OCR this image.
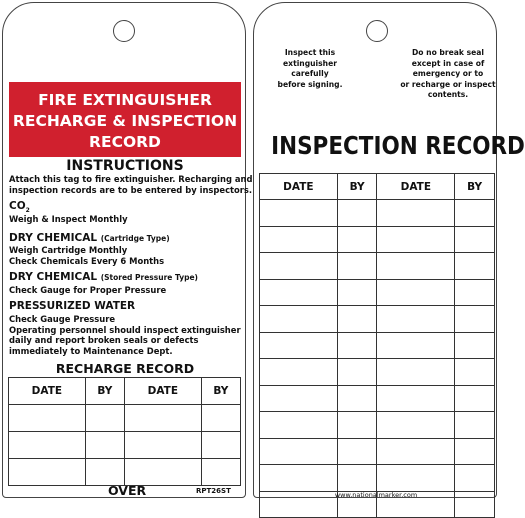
FIRE EXTINGUISHER
RECHARGE & INSPECTION
RECORD
INSTRUCTIONS
Attach this tag to fire extinguisher. Recharging and
inspection records are to be entered by inspectors.
$CO_2$
Weigh & Inspect Monthly
DRY CHEMICAL (Cartridge Type)
Weigh Cartridge Monthly
Check Chemicals Every 6 Months
DRY CHEMICAL (Stored Pressure Type)
Check Gauge for Proper Pressure
PRESSURIZED WATER
Check Gauge Pressure
Operating personnel should inspect extinguisher
daily and report broken seals or defects
immediately to Maintenance Dept.
RECHARGE RECORD
DATE	BY	DATE	BY

OVER	RPT26ST
Inspect this
extinguisher
carefully
before signing.
Do no break seal
except in case of
emergency or to
or recharge or inspect
contents.
INSPECTION RECORD
DATE	BY	DATE	BY

www.nationalmarker.com
